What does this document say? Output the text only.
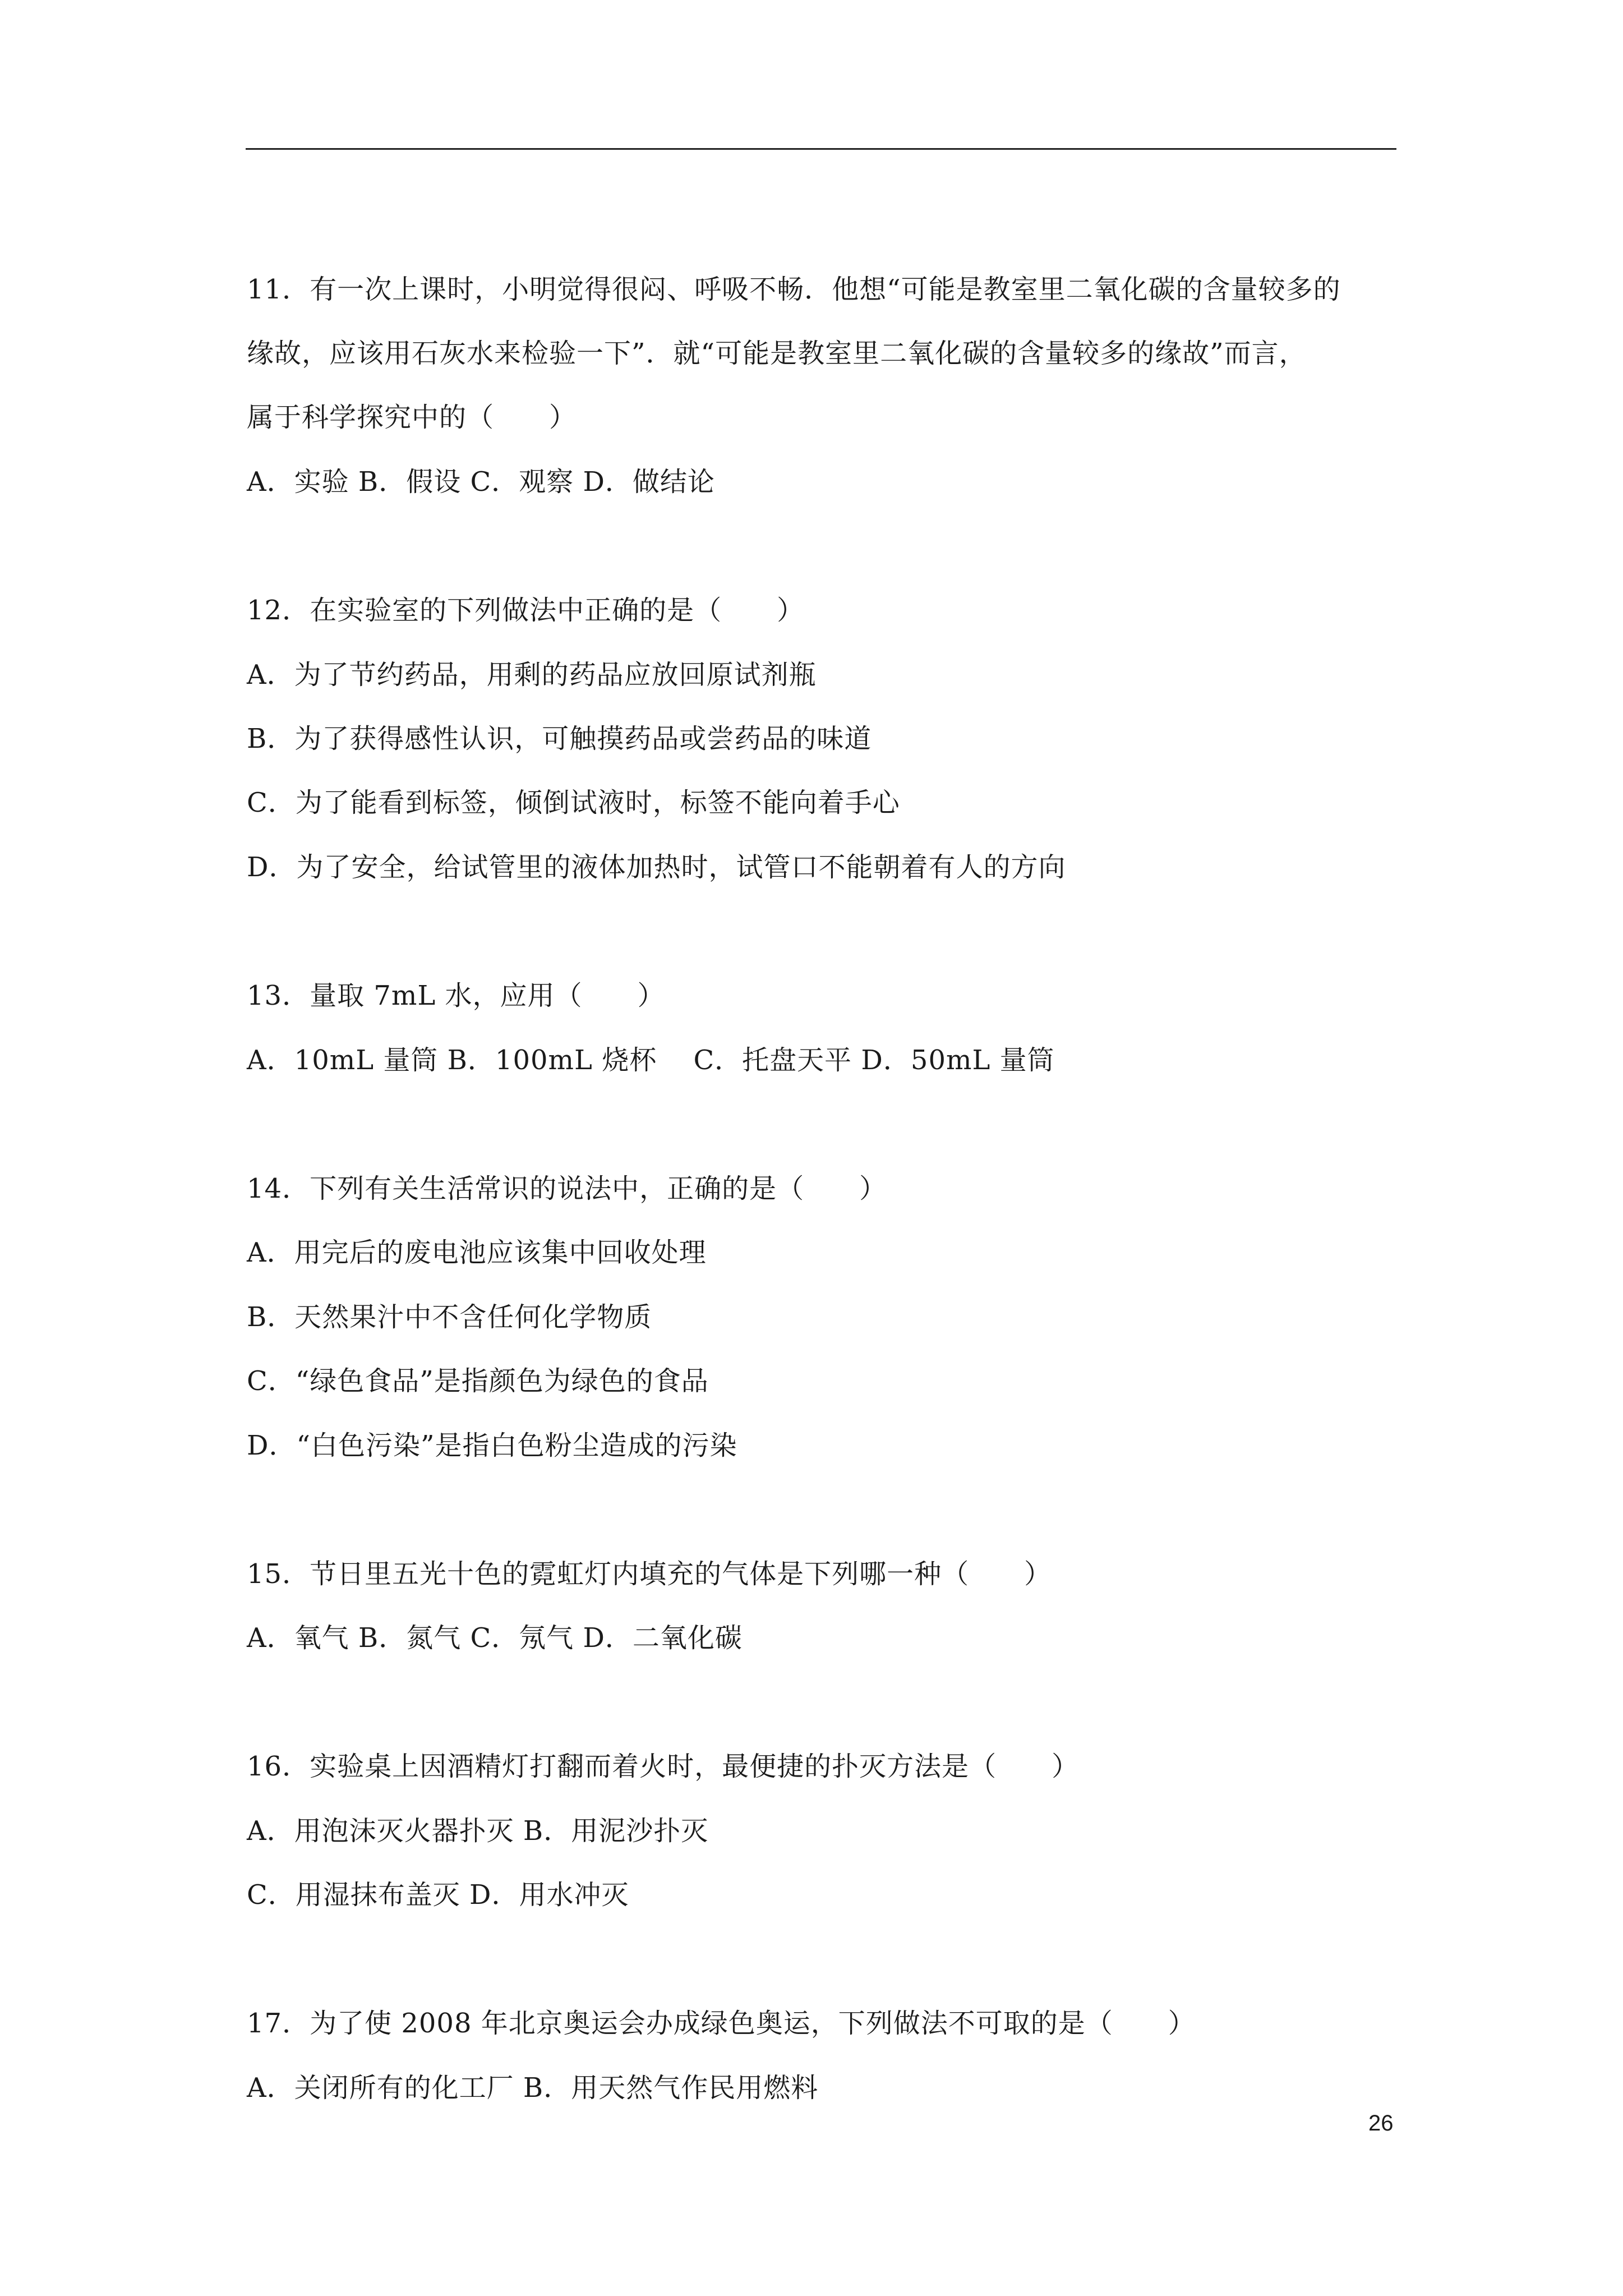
11．有一次上课时，小明觉得很闷、呼吸不畅．他想“可能是教室里二氧化碳的含量较多的
缘故，应该用石灰水来检验一下”．就“可能是教室里二氧化碳的含量较多的缘故”而言，
属于科学探究中的（　　）
A．实验 B．假设 C．观察 D．做结论
12．在实验室的下列做法中正确的是（　　）
A．为了节约药品，用剩的药品应放回原试剂瓶
B．为了获得感性认识，可触摸药品或尝药品的味道
C．为了能看到标签，倾倒试液时，标签不能向着手心
D．为了安全，给试管里的液体加热时，试管口不能朝着有人的方向
13．量取 7mL 水，应用（　　）
A．10mL 量筒 B．100mL 烧杯　 C．托盘天平 D．50mL 量筒
14．下列有关生活常识的说法中，正确的是（　　）
A．用完后的废电池应该集中回收处理
B．天然果汁中不含任何化学物质
C．“绿色食品”是指颜色为绿色的食品
D．“白色污染”是指白色粉尘造成的污染
15．节日里五光十色的霓虹灯内填充的气体是下列哪一种（　　）
A．氧气 B．氮气 C．氖气 D．二氧化碳
16．实验桌上因酒精灯打翻而着火时，最便捷的扑灭方法是（　　）
A．用泡沫灭火器扑灭 B．用泥沙扑灭
C．用湿抹布盖灭 D．用水冲灭
17．为了使 2008 年北京奥运会办成绿色奥运，下列做法不可取的是（　　）
A．关闭所有的化工厂 B．用天然气作民用燃料
26
